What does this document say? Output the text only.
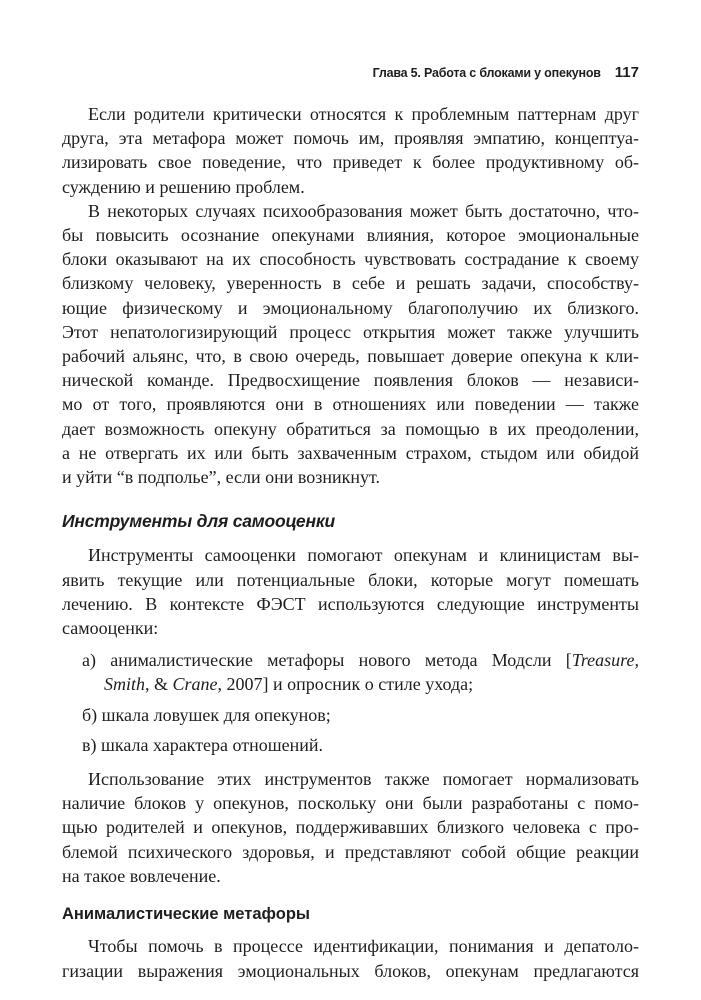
Глава 5. Работа с блоками у опекунов 117
Если родители критически относятся к проблемным паттернам друг
друга, эта метафора может помочь им, проявляя эмпатию, концептуа-
лизировать свое поведение, что приведет к более продуктивному об-
суждению и решению проблем.
В некоторых случаях психообразования может быть достаточно, что-
бы повысить осознание опекунами влияния, которое эмоциональные
блоки оказывают на их способность чувствовать сострадание к своему
близкому человеку, уверенность в себе и решать задачи, способству-
ющие физическому и эмоциональному благополучию их близкого.
Этот непатологизирующий процесс открытия может также улучшить
рабочий альянс, что, в свою очередь, повышает доверие опекуна к кли-
нической команде. Предвосхищение появления блоков — независи-
мо от того, проявляются они в отношениях или поведении — также
дает возможность опекуну обратиться за помощью в их преодолении,
а не отвергать их или быть захваченным страхом, стыдом или обидой
и уйти “в подполье”, если они возникнут.
Инструменты для самооценки
Инструменты самооценки помогают опекунам и клиницистам вы-
явить текущие или потенциальные блоки, которые могут помешать
лечению. В контексте ФЭСТ используются следующие инструменты
самооценки:
а) анималистические метафоры нового метода Модсли [Treasure,
Smith, & Crane, 2007] и опросник о стиле ухода;
б) шкала ловушек для опекунов;
в) шкала характера отношений.
Использование этих инструментов также помогает нормализовать
наличие блоков у опекунов, поскольку они были разработаны с помо-
щью родителей и опекунов, поддерживавших близкого человека с про-
блемой психического здоровья, и представляют собой общие реакции
на такое вовлечение.
Анималистические метафоры
Чтобы помочь в процессе идентификации, понимания и депатоло-
гизации выражения эмоциональных блоков, опекунам предлагаются
